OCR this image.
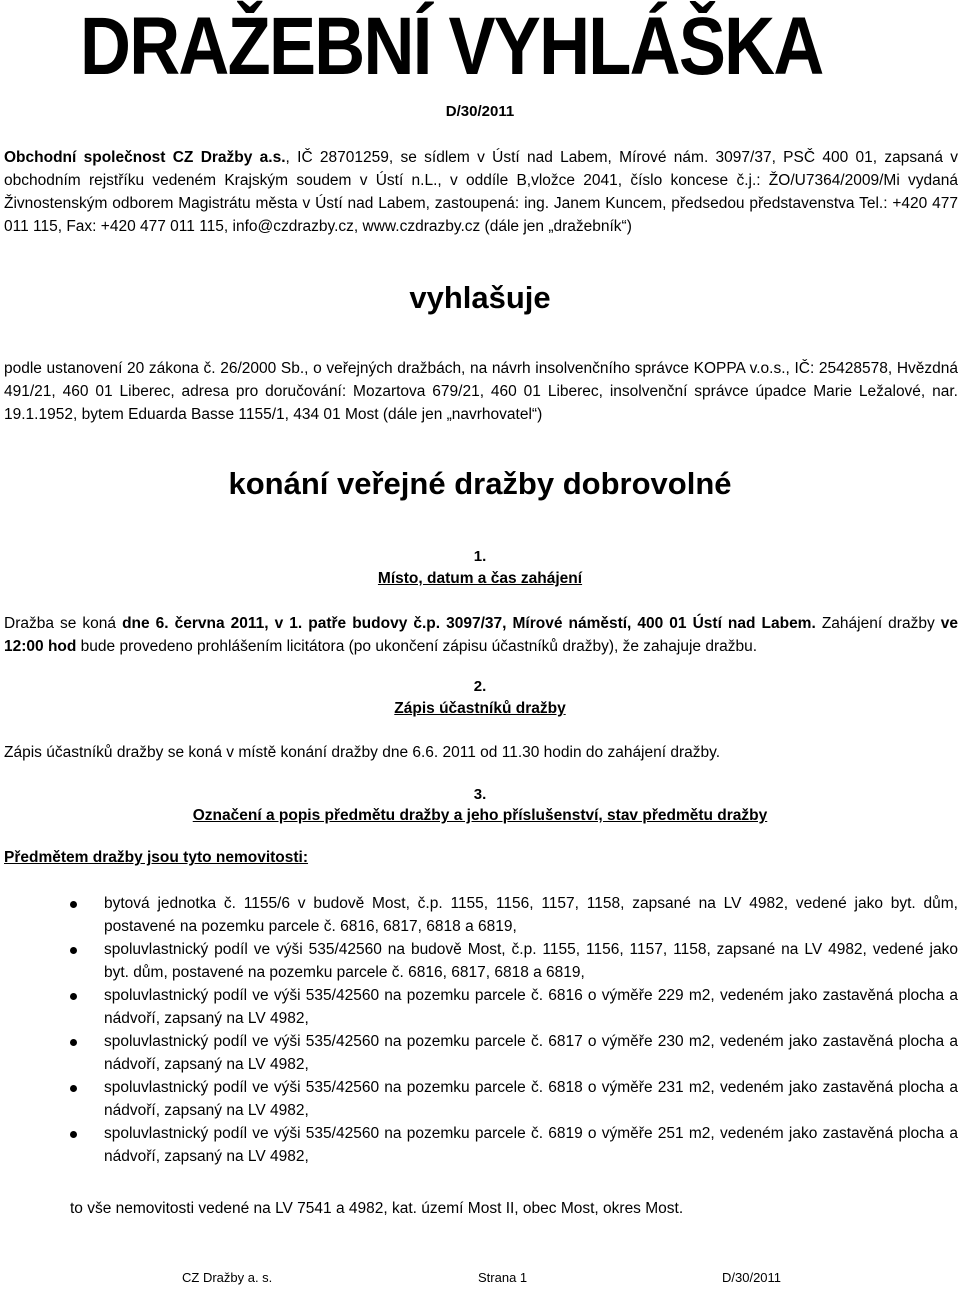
DRAŽEBNÍ VYHLÁŠKA
D/30/2011
Obchodní společnost CZ Dražby a.s., IČ 28701259, se sídlem v Ústí nad Labem, Mírové nám. 3097/37, PSČ 400 01, zapsaná v obchodním rejstříku vedeném Krajským soudem v Ústí n.L., v oddíle B,vložce 2041, číslo koncese č.j.: ŽO/U7364/2009/Mi vydaná Živnostenským odborem Magistrátu města v Ústí nad Labem, zastoupená: ing. Janem Kuncem, předsedou představenstva Tel.: +420 477 011 115, Fax: +420 477 011 115, info@czdrazby.cz, www.czdrazby.cz (dále jen „dražebník“)
vyhlašuje
podle ustanovení 20 zákona č. 26/2000 Sb., o veřejných dražbách, na návrh insolvenčního správce KOPPA v.o.s., IČ: 25428578, Hvězdná 491/21, 460 01 Liberec, adresa pro doručování: Mozartova 679/21, 460 01 Liberec, insolvenční správce úpadce Marie Ležalové, nar. 19.1.1952, bytem Eduarda Basse 1155/1, 434 01 Most (dále jen „navrhovatel“)
konání veřejné dražby dobrovolné
1.
Místo, datum a čas zahájení
Dražba se koná dne 6. června 2011, v 1. patře budovy č.p. 3097/37, Mírové náměstí, 400 01 Ústí nad Labem. Zahájení dražby ve 12:00 hod bude provedeno prohlášením licitátora (po ukončení zápisu účastníků dražby), že zahajuje dražbu.
2.
Zápis účastníků dražby
Zápis účastníků dražby se koná v místě konání dražby dne 6.6. 2011 od 11.30 hodin do zahájení dražby.
3.
Označení a popis předmětu dražby a jeho příslušenství, stav předmětu dražby
Předmětem dražby jsou tyto nemovitosti:
bytová jednotka č. 1155/6 v budově Most, č.p. 1155, 1156, 1157, 1158, zapsané na LV 4982, vedené jako byt. dům, postavené na pozemku parcele č. 6816, 6817, 6818 a 6819,
spoluvlastnický podíl ve výši 535/42560 na budově Most, č.p. 1155, 1156, 1157, 1158, zapsané na LV 4982, vedené jako byt. dům, postavené na pozemku parcele č. 6816, 6817, 6818 a 6819,
spoluvlastnický podíl ve výši 535/42560 na pozemku parcele č. 6816 o výměře 229 m2, vedeném jako zastavěná plocha a nádvoří, zapsaný na LV 4982,
spoluvlastnický podíl ve výši 535/42560 na pozemku parcele č. 6817 o výměře 230 m2, vedeném jako zastavěná plocha a nádvoří, zapsaný na LV 4982,
spoluvlastnický podíl ve výši 535/42560 na pozemku parcele č. 6818 o výměře 231 m2, vedeném jako zastavěná plocha a nádvoří, zapsaný na LV 4982,
spoluvlastnický podíl ve výši 535/42560 na pozemku parcele č. 6819 o výměře 251 m2, vedeném jako zastavěná plocha a nádvoří, zapsaný na LV 4982,
to vše nemovitosti vedené na LV 7541 a 4982, kat. území Most II, obec Most, okres Most.
CZ Dražby a. s.	Strana 1	D/30/2011
